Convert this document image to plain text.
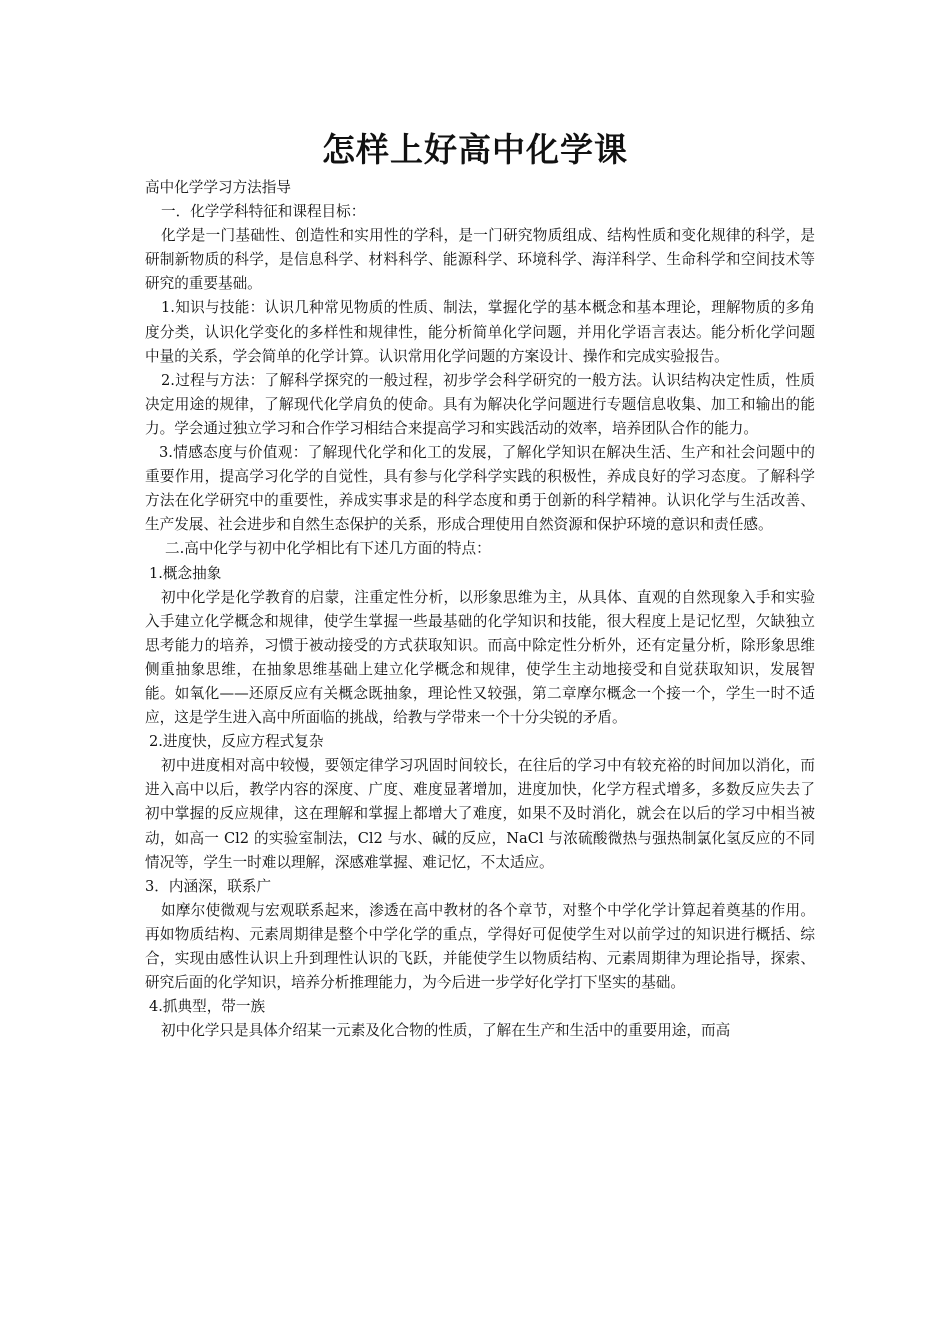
怎样上好高中化学课

高中化学学习方法指导

一．化学学科特征和课程目标：

化学是一门基础性、创造性和实用性的学科，是一门研究物质组成、结构性质和变化规律的科学，是研制新物质的科学，是信息科学、材料科学、能源科学、环境科学、海洋科学、生命科学和空间技术等研究的重要基础。

1.知识与技能：认识几种常见物质的性质、制法，掌握化学的基本概念和基本理论，理解物质的多角度分类，认识化学变化的多样性和规律性，能分析简单化学问题，并用化学语言表达。能分析化学问题中量的关系，学会简单的化学计算。认识常用化学问题的方案设计、操作和完成实验报告。

2.过程与方法：了解科学探究的一般过程，初步学会科学研究的一般方法。认识结构决定性质，性质决定用途的规律，了解现代化学肩负的使命。具有为解决化学问题进行专题信息收集、加工和输出的能力。学会通过独立学习和合作学习相结合来提高学习和实践活动的效率，培养团队合作的能力。

3.情感态度与价值观：了解现代化学和化工的发展，了解化学知识在解决生活、生产和社会问题中的重要作用，提高学习化学的自觉性，具有参与化学科学实践的积极性，养成良好的学习态度。了解科学方法在化学研究中的重要性，养成实事求是的科学态度和勇于创新的科学精神。认识化学与生活改善、生产发展、社会进步和自然生态保护的关系，形成合理使用自然资源和保护环境的意识和责任感。

二.高中化学与初中化学相比有下述几方面的特点：

1.概念抽象

初中化学是化学教育的启蒙，注重定性分析，以形象思维为主，从具体、直观的自然现象入手和实验入手建立化学概念和规律，使学生掌握一些最基础的化学知识和技能，很大程度上是记忆型，欠缺独立思考能力的培养，习惯于被动接受的方式获取知识。而高中除定性分析外，还有定量分析，除形象思维侧重抽象思维，在抽象思维基础上建立化学概念和规律，使学生主动地接受和自觉获取知识，发展智能。如氧化——还原反应有关概念既抽象，理论性又较强，第二章摩尔概念一个接一个，学生一时不适应，这是学生进入高中所面临的挑战，给教与学带来一个十分尖锐的矛盾。

2.进度快，反应方程式复杂

初中进度相对高中较慢，要领定律学习巩固时间较长，在往后的学习中有较充裕的时间加以消化，而进入高中以后，教学内容的深度、广度、难度显著增加，进度加快，化学方程式增多，多数反应失去了初中掌握的反应规律，这在理解和掌握上都增大了难度，如果不及时消化，就会在以后的学习中相当被动，如高一 Cl2 的实验室制法，Cl2 与水、碱的反应，NaCl 与浓硫酸微热与强热制氯化氢反应的不同情况等，学生一时难以理解，深感难掌握、难记忆，不太适应。

3．内涵深，联系广

如摩尔使微观与宏观联系起来，渗透在高中教材的各个章节，对整个中学化学计算起着奠基的作用。再如物质结构、元素周期律是整个中学化学的重点，学得好可促使学生对以前学过的知识进行概括、综合，实现由感性认识上升到理性认识的飞跃，并能使学生以物质结构、元素周期律为理论指导，探索、研究后面的化学知识，培养分析推理能力，为今后进一步学好化学打下坚实的基础。

4.抓典型，带一族

初中化学只是具体介绍某一元素及化合物的性质，了解在生产和生活中的重要用途，而高
